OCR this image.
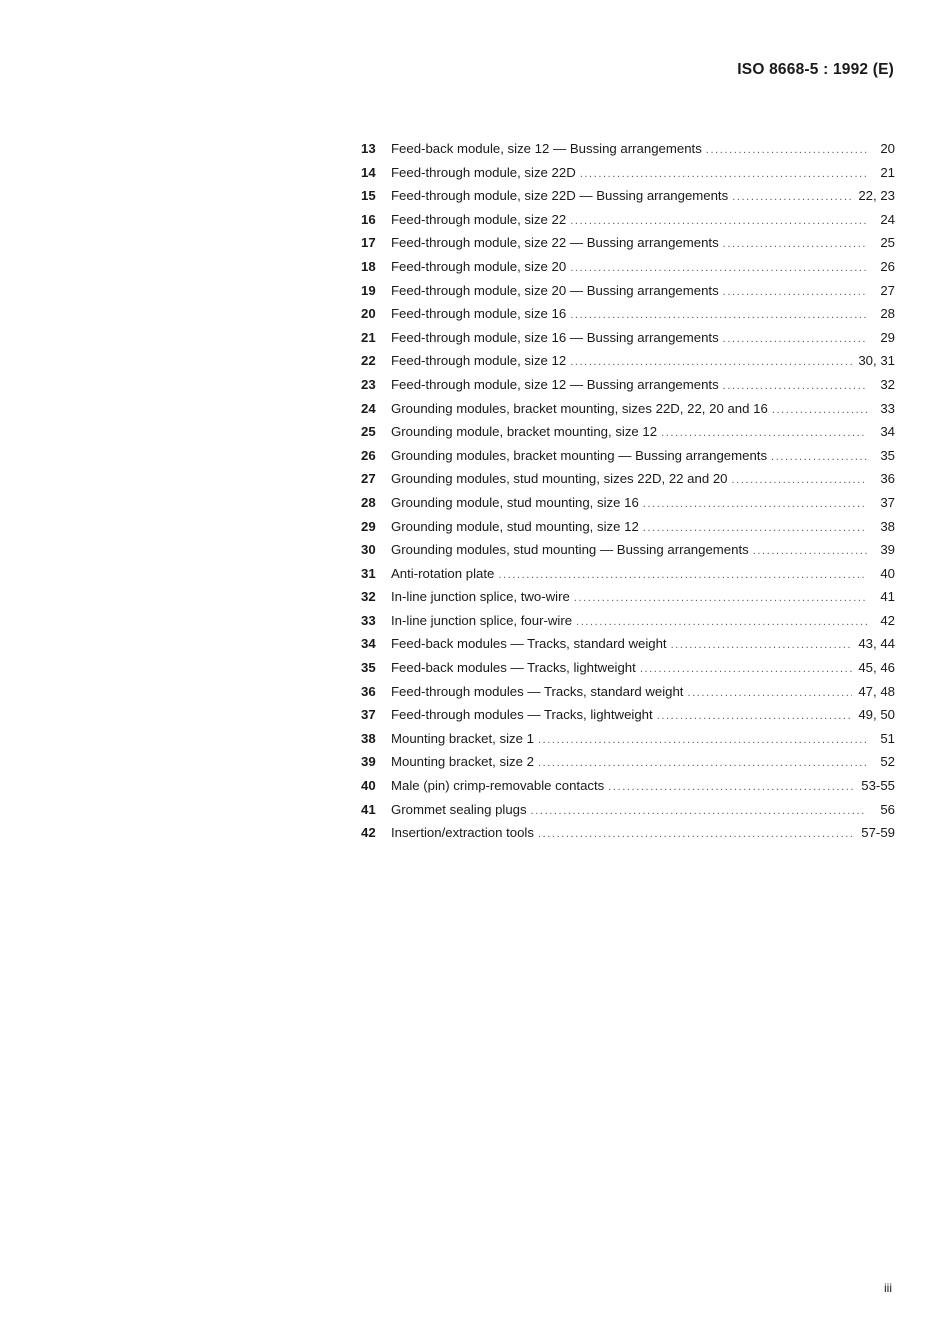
ISO 8668-5 : 1992 (E)
13	Feed-back module, size 12 — Bussing arrangements .....	20
14	Feed-through module, size 22D .....	21
15	Feed-through module, size 22D — Bussing arrangements .....	22, 23
16	Feed-through module, size 22 .....	24
17	Feed-through module, size 22 — Bussing arrangements .....	25
18	Feed-through module, size 20 .....	26
19	Feed-through module, size 20 — Bussing arrangements .....	27
20	Feed-through module, size 16 .....	28
21	Feed-through module, size 16 — Bussing arrangements .....	29
22	Feed-through module, size 12 .....	30, 31
23	Feed-through module, size 12 — Bussing arrangements .....	32
24	Grounding modules, bracket mounting, sizes 22D, 22, 20 and 16 .....	33
25	Grounding module, bracket mounting, size 12 .....	34
26	Grounding modules, bracket mounting — Bussing arrangements .....	35
27	Grounding modules, stud mounting, sizes 22D, 22 and 20 .....	36
28	Grounding module, stud mounting, size 16 .....	37
29	Grounding module, stud mounting, size 12 .....	38
30	Grounding modules, stud mounting — Bussing arrangements .....	39
31	Anti-rotation plate .....	40
32	In-line junction splice, two-wire .....	41
33	In-line junction splice, four-wire .....	42
34	Feed-back modules — Tracks, standard weight .....	43, 44
35	Feed-back modules — Tracks, lightweight .....	45, 46
36	Feed-through modules — Tracks, standard weight .....	47, 48
37	Feed-through modules — Tracks, lightweight .....	49, 50
38	Mounting bracket, size 1 .....	51
39	Mounting bracket, size 2 .....	52
40	Male (pin) crimp-removable contacts .....	53-55
41	Grommet sealing plugs .....	56
42	Insertion/extraction tools .....	57-59
iii
